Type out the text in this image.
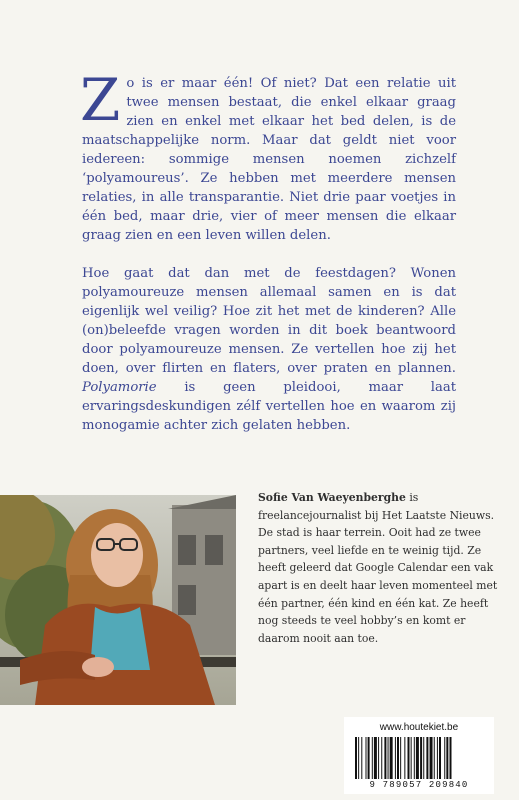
Zo is er maar één! Of niet? Dat een relatie uit twee mensen bestaat, die enkel elkaar graag zien en enkel met elkaar het bed delen, is de maatschappelijke norm. Maar dat geldt niet voor iedereen: sommige mensen noemen zichzelf ‘polyamoureus’. Ze hebben met meerdere mensen relaties, in alle transparantie. Niet drie paar voetjes in één bed, maar drie, vier of meer mensen die elkaar graag zien en een leven willen delen.

Hoe gaat dat dan met de feestdagen? Wonen polyamoureuze mensen allemaal samen en is dat eigenlijk wel veilig? Hoe zit het met de kinderen? Alle (on)beleefde vragen worden in dit boek beantwoord door polyamoureuze mensen. Ze vertellen hoe zij het doen, over flirten en flaters, over praten en plannen. Polyamorie is geen pleidooi, maar laat ervaringsdeskundigen zélf vertellen hoe en waarom zij monogamie achter zich gelaten hebben.

Sofie Van Waeyenberghe is freelancejournalist bij Het Laatste Nieuws. De stad is haar terrein. Ooit had ze twee partners, veel liefde en te weinig tijd. Ze heeft geleerd dat Google Calendar een vak apart is en deelt haar leven momenteel met één partner, één kind en één kat. Ze heeft nog steeds te veel hobby’s en komt er daarom nooit aan toe.

www.houtekiet.be
9 789057 209840
